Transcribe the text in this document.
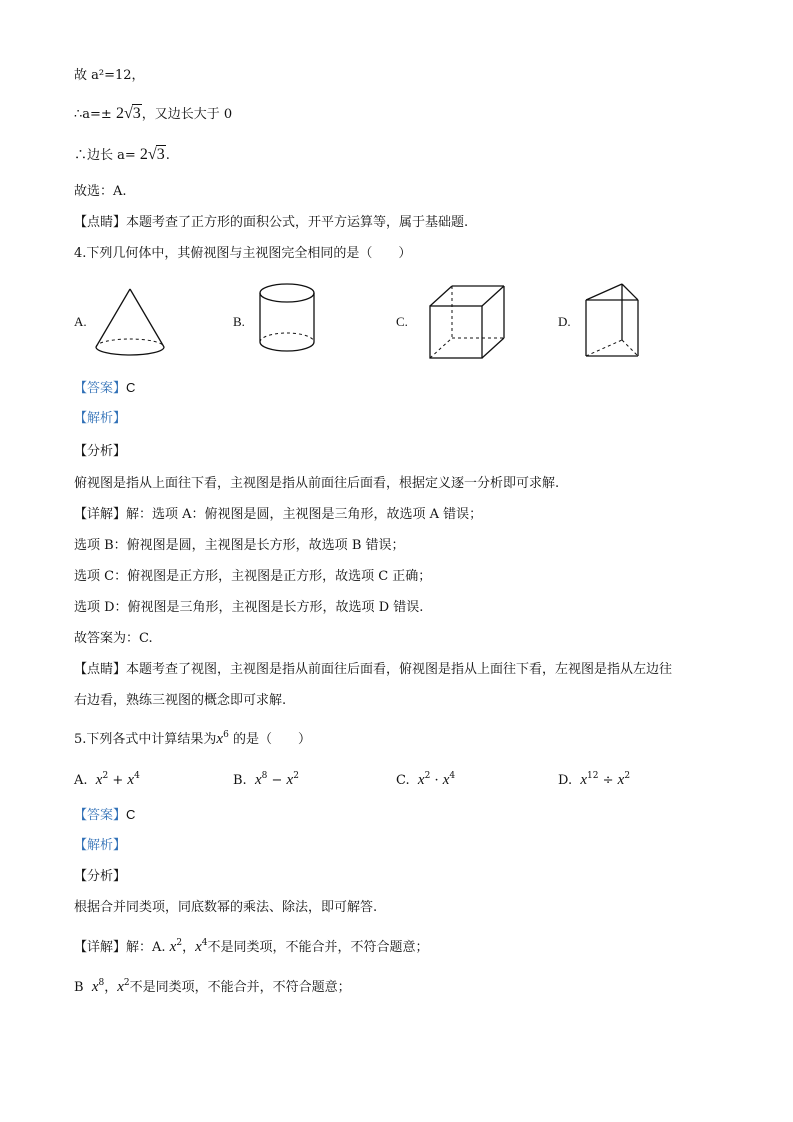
故 a²=12，
∴a=± 2√3，又边长大于 0
∴边长 a= 2√3.
故选：A.
【点睛】本题考查了正方形的面积公式，开平方运算等，属于基础题.
4.下列几何体中，其俯视图与主视图完全相同的是（　　）
A.	B.	C.	D.
【答案】C
【解析】
【分析】
俯视图是指从上面往下看，主视图是指从前面往后面看，根据定义逐一分析即可求解.
【详解】解：选项 A：俯视图是圆，主视图是三角形，故选项 A 错误；
选项 B：俯视图是圆，主视图是长方形，故选项 B 错误；
选项 C：俯视图是正方形，主视图是正方形，故选项 C 正确；
选项 D：俯视图是三角形，主视图是长方形，故选项 D 错误.
故答案为：C.
【点睛】本题考查了视图，主视图是指从前面往后面看，俯视图是指从上面往下看，左视图是指从左边往
右边看，熟练三视图的概念即可求解.
5.下列各式中计算结果为$x^6$ 的是（　　）
A. $x^2 + x^4$	B. $x^8 - x^2$	C. $x^2 \cdot x^4$	D. $x^{12} \div x^2$
【答案】C
【解析】
【分析】
根据合并同类项，同底数幂的乘法、除法，即可解答.
【详解】解：A. $x^2$，$x^4$不是同类项，不能合并，不符合题意；
B  $x^8$，$x^2$不是同类项，不能合并，不符合题意；
